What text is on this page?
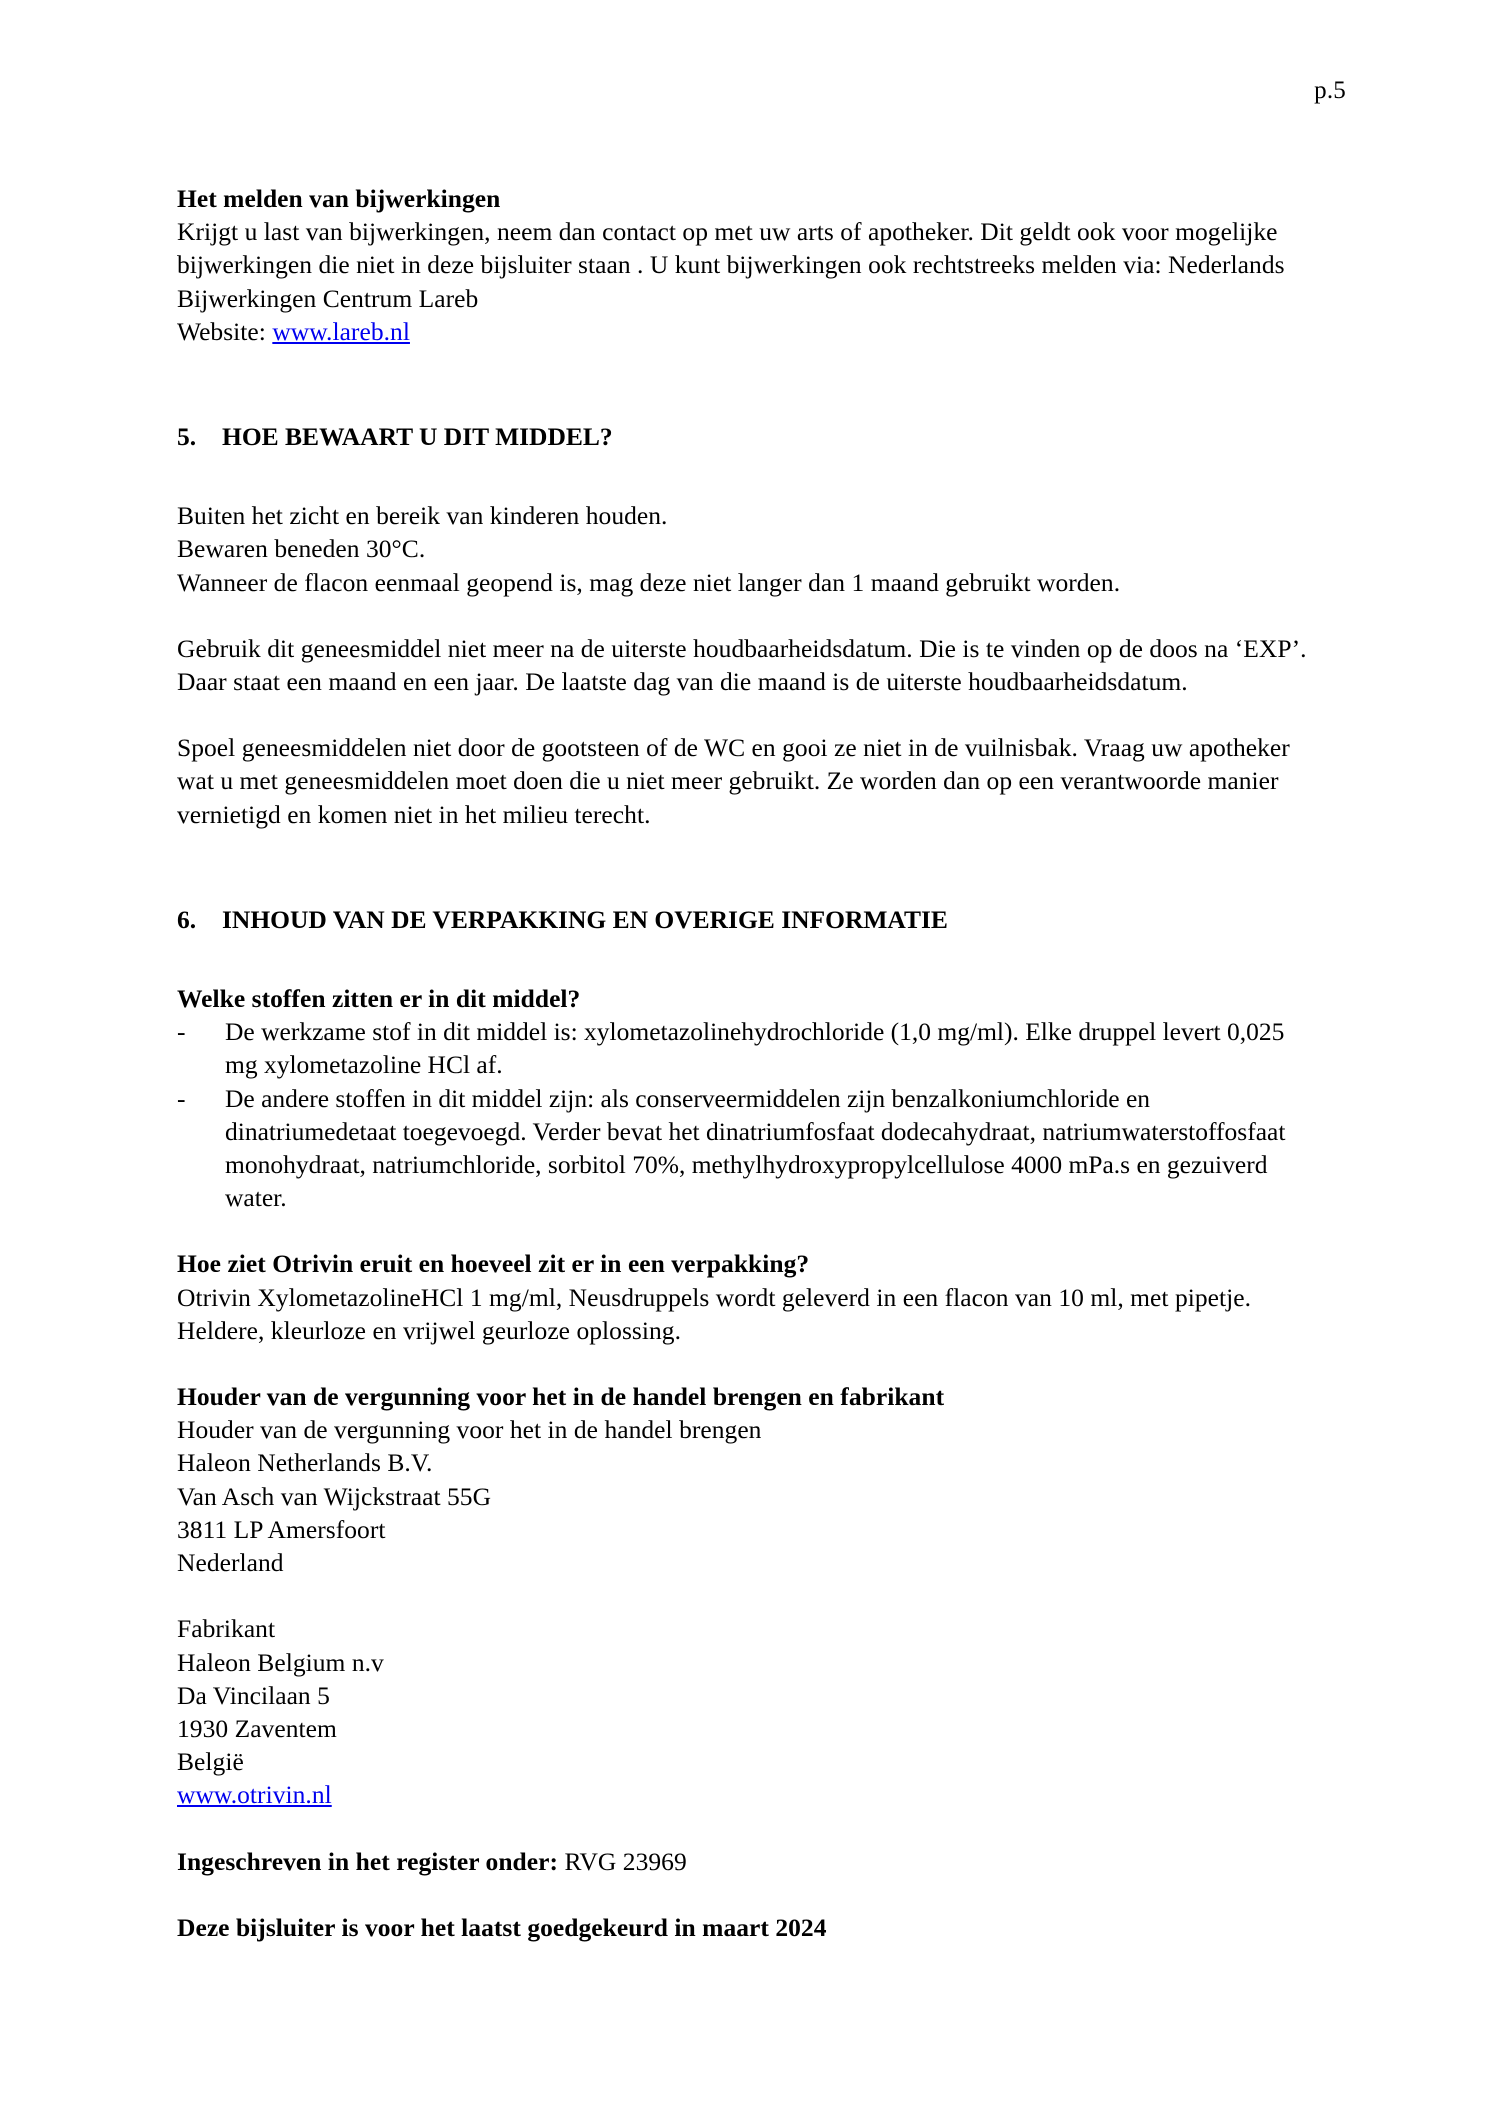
p.5

Het melden van bijwerkingen

Krijgt u last van bijwerkingen, neem dan contact op met uw arts of apotheker. Dit geldt ook voor mogelijke bijwerkingen die niet in deze bijsluiter staan . U kunt bijwerkingen ook rechtstreeks melden via: Nederlands Bijwerkingen Centrum Lareb

Website: www.lareb.nl

5.	HOE BEWAART U DIT MIDDEL?

Buiten het zicht en bereik van kinderen houden.

Bewaren beneden 30°C.

Wanneer de flacon eenmaal geopend is, mag deze niet langer dan 1 maand gebruikt worden.

Gebruik dit geneesmiddel niet meer na de uiterste houdbaarheidsdatum. Die is te vinden op de doos na ‘EXP’. Daar staat een maand en een jaar. De laatste dag van die maand is de uiterste houdbaarheidsdatum.

Spoel geneesmiddelen niet door de gootsteen of de WC en gooi ze niet in de vuilnisbak. Vraag uw apotheker wat u met geneesmiddelen moet doen die u niet meer gebruikt. Ze worden dan op een verantwoorde manier vernietigd en komen niet in het milieu terecht.

6.	INHOUD VAN DE VERPAKKING EN OVERIGE INFORMATIE

Welke stoffen zitten er in dit middel?

-	De werkzame stof in dit middel is: xylometazolinehydrochloride (1,0 mg/ml). Elke druppel levert 0,025 mg xylometazoline HCl af.
-	De andere stoffen in dit middel zijn: als conserveermiddelen zijn benzalkoniumchloride en dinatriumedetaat toegevoegd. Verder bevat het dinatriumfosfaat dodecahydraat, natriumwaterstoffosfaat monohydraat, natriumchloride, sorbitol 70%, methylhydroxypropylcellulose 4000 mPa.s en gezuiverd water.

Hoe ziet Otrivin eruit en hoeveel zit er in een verpakking?

Otrivin XylometazolineHCl 1 mg/ml, Neusdruppels wordt geleverd in een flacon van 10 ml, met pipetje.

Heldere, kleurloze en vrijwel geurloze oplossing.

Houder van de vergunning voor het in de handel brengen en fabrikant

Houder van de vergunning voor het in de handel brengen

Haleon Netherlands B.V.

Van Asch van Wijckstraat 55G

3811 LP Amersfoort

Nederland

Fabrikant

Haleon Belgium n.v

Da Vincilaan 5

1930 Zaventem

België

www.otrivin.nl

Ingeschreven in het register onder: RVG 23969

Deze bijsluiter is voor het laatst goedgekeurd in maart 2024
